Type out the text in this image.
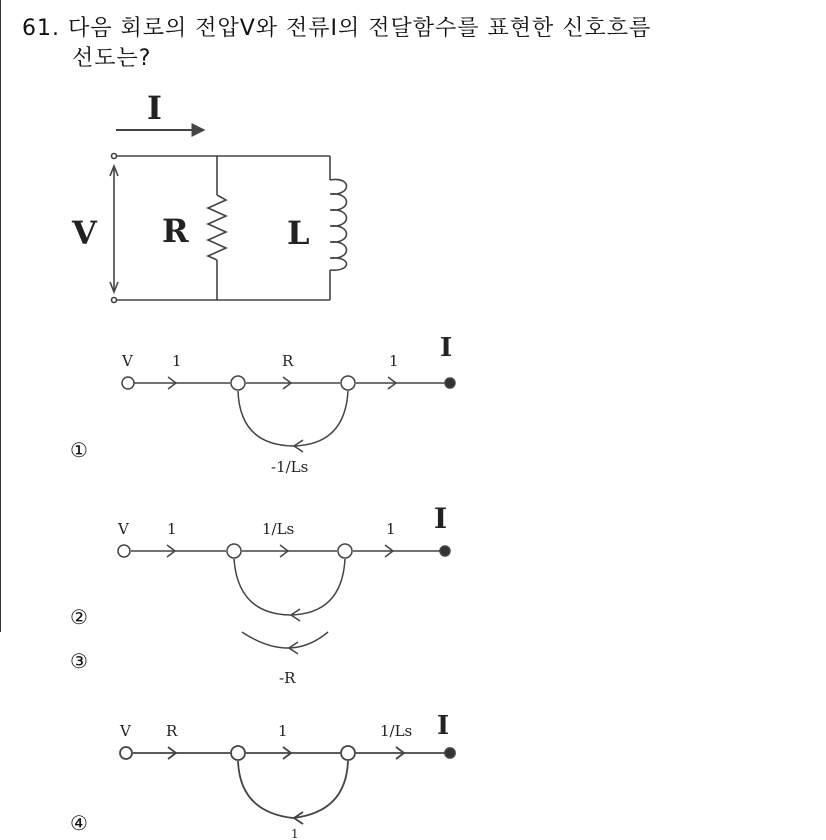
61. 다음 회로의 전압V와 전류I의 전달함수를 표현한 신호흐름
선도는?
I
V R	L
V	1	R	1 I
-1/Ls
V	1	1/Ls	1 I
-R
V R	1	1/Ls I
1
①
②
③
④
